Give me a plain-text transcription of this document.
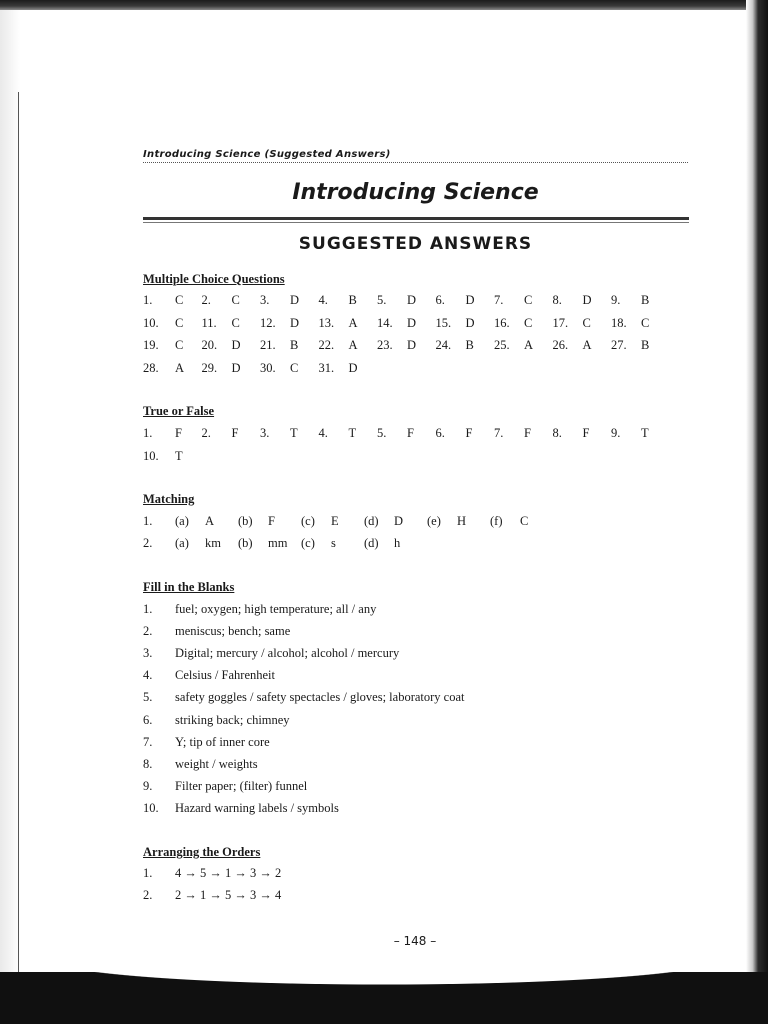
Introducing Science (Suggested Answers)
Introducing Science
SUGGESTED ANSWERS
Multiple Choice Questions
1. C 2. C 3. D 4. B 5. D 6. D 7. C 8. D 9. B
10. C 11. C 12. D 13. A 14. D 15. D 16. C 17. C 18. C
19. C 20. D 21. B 22. A 23. D 24. B 25. A 26. A 27. B
28. A 29. D 30. C 31. D
True or False
1. F 2. F 3. T 4. T 5. F 6. F 7. F 8. F 9. T
10. T
Matching
1. (a) A (b) F (c) E (d) D (e) H (f) C
2. (a) km (b) mm (c) s (d) h
Fill in the Blanks
1. fuel; oxygen; high temperature; all / any
2. meniscus; bench; same
3. Digital; mercury / alcohol; alcohol / mercury
4. Celsius / Fahrenheit
5. safety goggles / safety spectacles / gloves; laboratory coat
6. striking back; chimney
7. Y; tip of inner core
8. weight / weights
9. Filter paper; (filter) funnel
10. Hazard warning labels / symbols
Arranging the Orders
1. 4 → 5 → 1 → 3 → 2
2. 2 → 1 → 5 → 3 → 4
– 148 –
